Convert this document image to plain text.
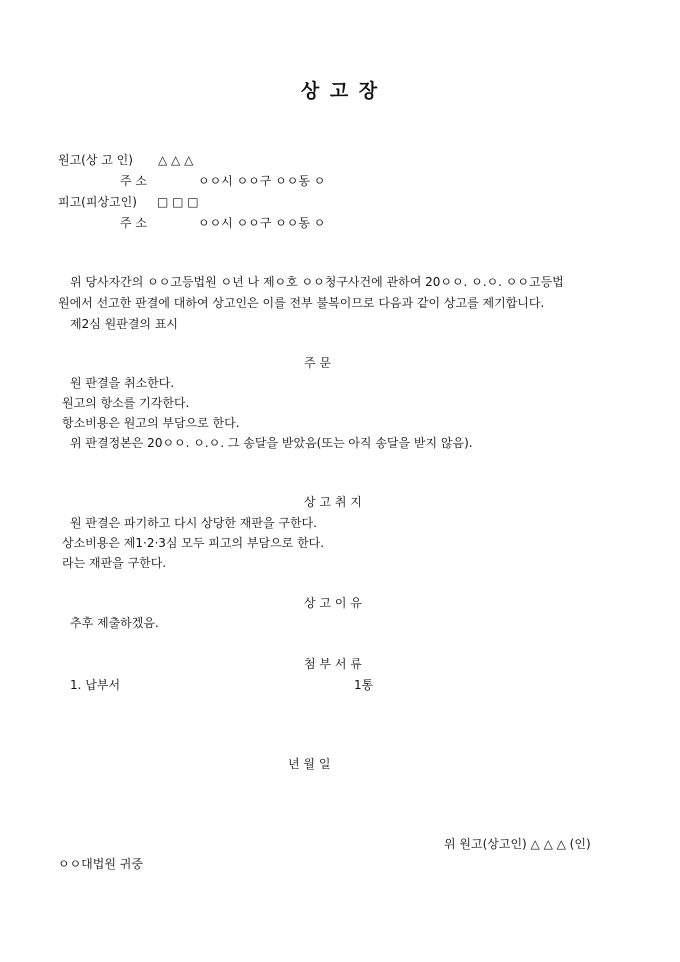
상 고 장
원고(상 고 인) △ △ △
주 소	ㅇㅇ시 ㅇㅇ구 ㅇㅇ동 ㅇ
피고(피상고인) □ □ □
주 소	ㅇㅇ시 ㅇㅇ구 ㅇㅇ동 ㅇ
위 당사자간의 ㅇㅇ고등법원 ㅇ년 나 제ㅇ호 ㅇㅇ청구사건에 관하여 20ㅇㅇ. ㅇ.ㅇ. ㅇㅇ고등법
원에서 선고한 판결에 대하여 상고인은 이를 전부 불복이므로 다음과 같이 상고를 제기합니다.
제2심 원판결의 표시
주 문
원 판결을 취소한다.
원고의 항소를 기각한다.
항소비용은 원고의 부담으로 한다.
위 판결정본은 20ㅇㅇ. ㅇ.ㅇ. 그 송달을 받았음(또는 아직 송달을 받지 않음).
상 고 취 지
원 판결은 파기하고 다시 상당한 재판을 구한다.
상소비용은 제1·2·3심 모두 피고의 부담으로 한다.
라는 재판을 구한다.
상 고 이 유
추후 제출하겠음.
첨 부 서 류
1. 납부서	1통
년 월 일
위 원고(상고인) △ △ △ (인)
ㅇㅇ대법원 귀중
